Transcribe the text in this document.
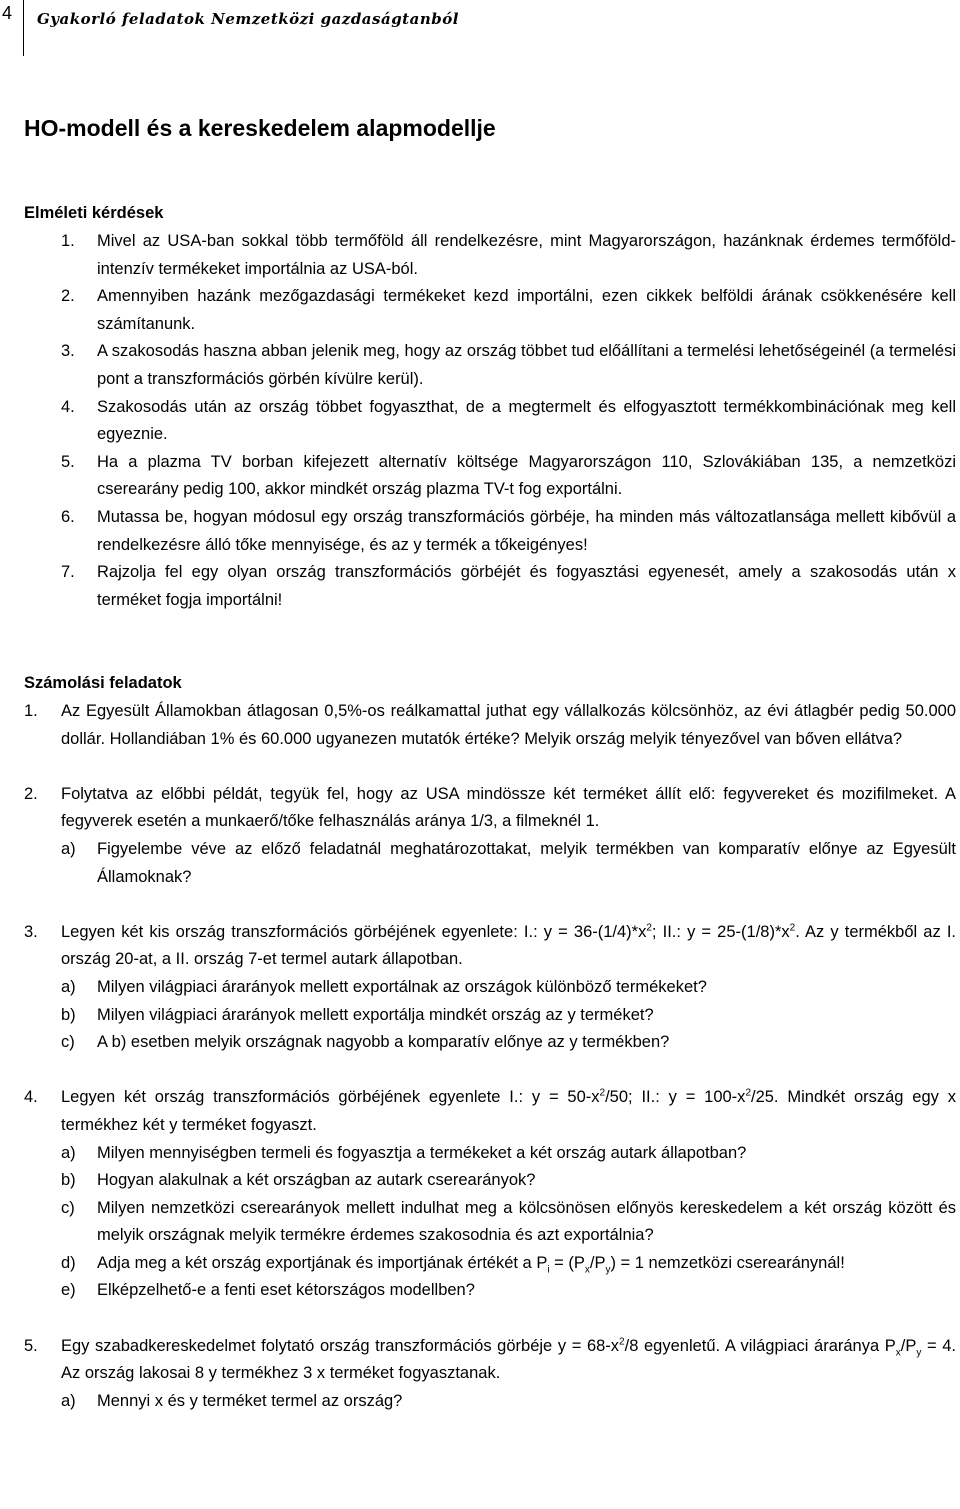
4 Gyakorló feladatok Nemzetközi gazdaságtanból
HO-modell és a kereskedelem alapmodellje
Elméleti kérdések
1. Mivel az USA-ban sokkal több termőföld áll rendelkezésre, mint Magyarországon, hazánknak érdemes termőföld-intenzív termékeket importálnia az USA-ból.
2. Amennyiben hazánk mezőgazdasági termékeket kezd importálni, ezen cikkek belföldi árának csökkenésére kell számítanunk.
3. A szakosodás haszna abban jelenik meg, hogy az ország többet tud előállítani a termelési lehetőségeinél (a termelési pont a transzformációs görbén kívülre kerül).
4. Szakosodás után az ország többet fogyaszthat, de a megtermelt és elfogyasztott termékkombinációnak meg kell egyeznie.
5. Ha a plazma TV borban kifejezett alternatív költsége Magyarországon 110, Szlovákiában 135, a nemzetközi cserearány pedig 100, akkor mindkét ország plazma TV-t fog exportálni.
6. Mutassa be, hogyan módosul egy ország transzformációs görbéje, ha minden más változatlansága mellett kibővül a rendelkezésre álló tőke mennyisége, és az y termék a tőkeigényes!
7. Rajzolja fel egy olyan ország transzformációs görbéjét és fogyasztási egyenesét, amely a szakosodás után x terméket fogja importálni!
Számolási feladatok
1. Az Egyesült Államokban átlagosan 0,5%-os reálkamattal juthat egy vállalkozás kölcsönhöz, az évi átlagbér pedig 50.000 dollár. Hollandiában 1% és 60.000 ugyanezen mutatók értéke? Melyik ország melyik tényezővel van bőven ellátva?
2. Folytatva az előbbi példát, tegyük fel, hogy az USA mindössze két terméket állít elő: fegyvereket és mozifilmeket. A fegyverek esetén a munkaerő/tőke felhasználás aránya 1/3, a filmeknél 1.
a) Figyelembe véve az előző feladatnál meghatározottakat, melyik termékben van komparatív előnye az Egyesült Államoknak?
3. Legyen két kis ország transzformációs görbéjének egyenlete: I.: $y = 36-(1/4)*x^2$; II.: $y = 25-(1/8)*x^2$. Az y termékből az I. ország 20-at, a II. ország 7-et termel autark állapotban.
a) Milyen világpiaci árarányok mellett exportálnak az országok különböző termékeket?
b) Milyen világpiaci árarányok mellett exportálja mindkét ország az y terméket?
c) A b) esetben melyik országnak nagyobb a komparatív előnye az y termékben?
4. Legyen két ország transzformációs görbéjének egyenlete I.: $y = 50-x^2/50$; II.: $y = 100-x^2/25$. Mindkét ország egy x termékhez két y terméket fogyaszt.
a) Milyen mennyiségben termeli és fogyasztja a termékeket a két ország autark állapotban?
b) Hogyan alakulnak a két országban az autark cserearányok?
c) Milyen nemzetközi cserearányok mellett indulhat meg a kölcsönösen előnyös kereskedelem a két ország között és melyik országnak melyik termékre érdemes szakosodnia és azt exportálnia?
d) Adja meg a két ország exportjának és importjának értékét a $P_i = (P_x/P_y) = 1$ nemzetközi cserearánynál!
e) Elképzelhető-e a fenti eset kétországos modellben?
5. Egy szabadkereskedelmet folytató ország transzformációs görbéje $y = 68-x^2/8$ egyenletű. A világpiaci áraránya $P_x/P_y = 4$. Az ország lakosai 8 y termékhez 3 x terméket fogyasztanak.
a) Mennyi x és y terméket termel az ország?
